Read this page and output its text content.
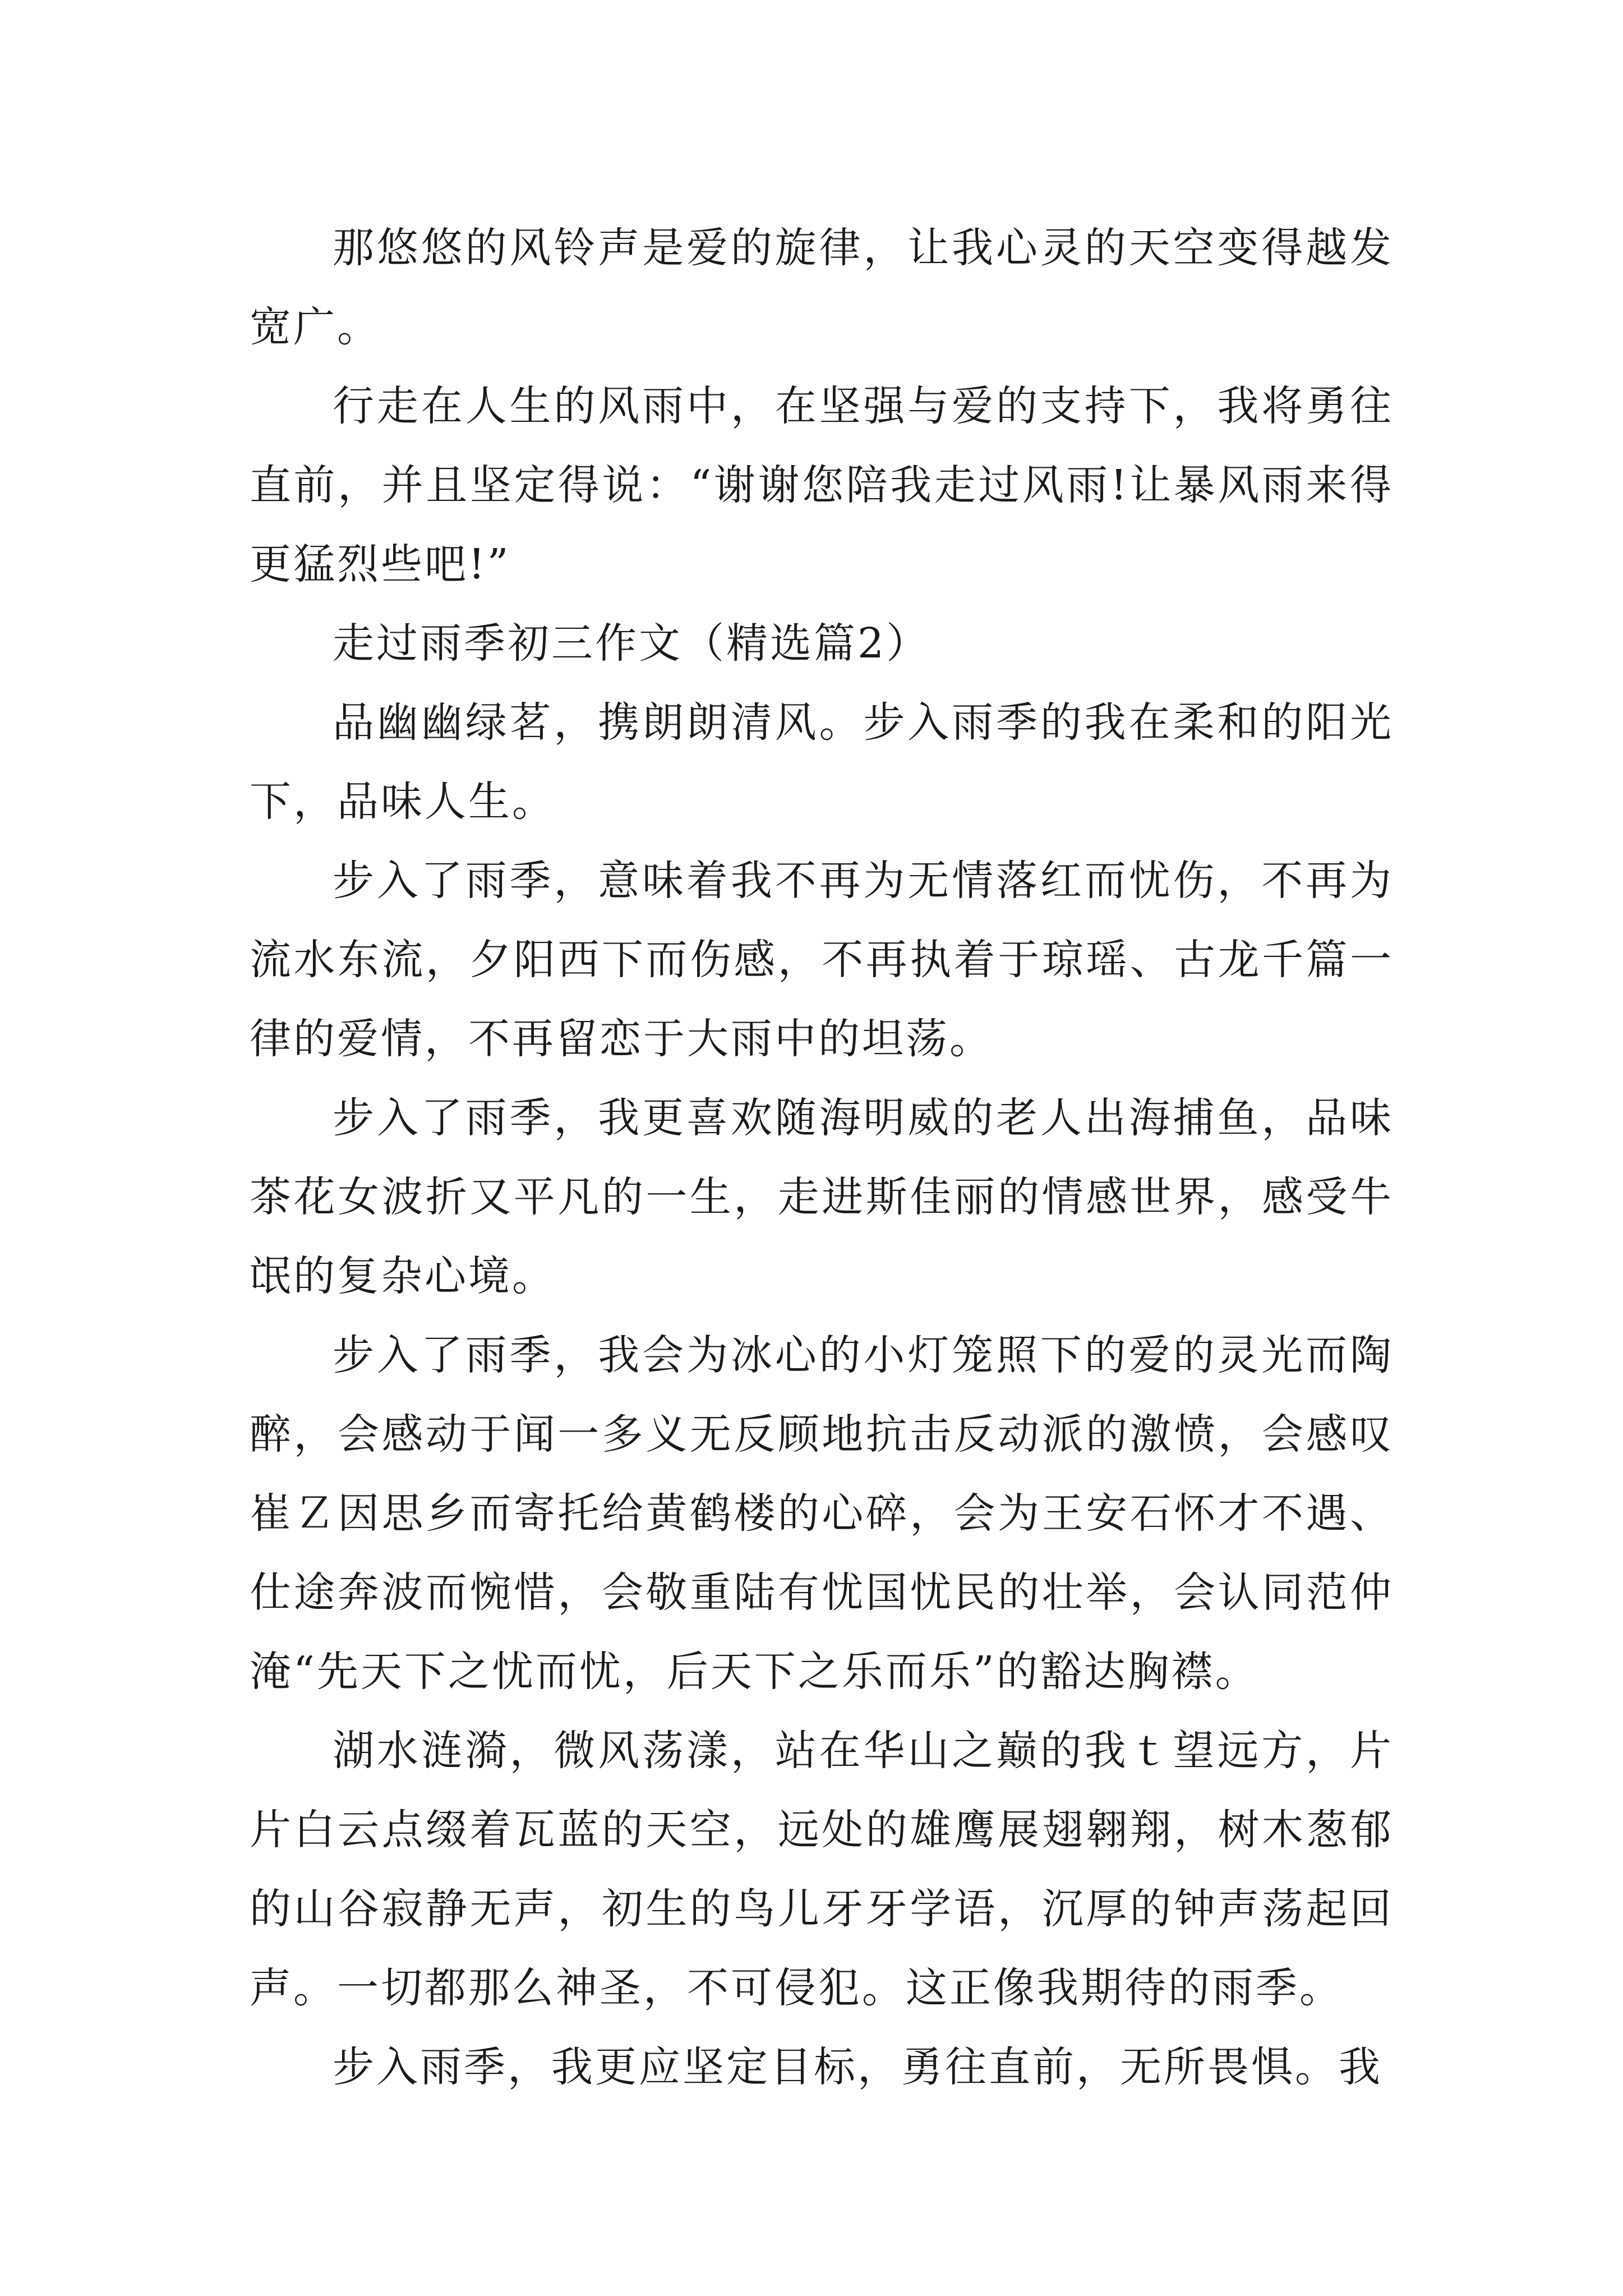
那悠悠的风铃声是爱的旋律，让我心灵的天空变得越发宽广。

行走在人生的风雨中，在坚强与爱的支持下，我将勇往直前，并且坚定得说：“谢谢您陪我走过风雨!让暴风雨来得更猛烈些吧!”

走过雨季初三作文（精选篇2）

品幽幽绿茗，携朗朗清风。步入雨季的我在柔和的阳光下，品味人生。

步入了雨季，意味着我不再为无情落红而忧伤，不再为流水东流，夕阳西下而伤感，不再执着于琼瑶、古龙千篇一律的爱情，不再留恋于大雨中的坦荡。

步入了雨季，我更喜欢随海明威的老人出海捕鱼，品味茶花女波折又平凡的一生，走进斯佳丽的情感世界，感受牛氓的复杂心境。

步入了雨季，我会为冰心的小灯笼照下的爱的灵光而陶醉，会感动于闻一多义无反顾地抗击反动派的激愤，会感叹崔Ｚ因思乡而寄托给黄鹤楼的心碎，会为王安石怀才不遇、仕途奔波而惋惜，会敬重陆有忧国忧民的壮举，会认同范仲淹“先天下之忧而忧，后天下之乐而乐”的豁达胸襟。

湖水涟漪，微风荡漾，站在华山之巅的我ｔ望远方，片片白云点缀着瓦蓝的天空，远处的雄鹰展翅翱翔，树木葱郁的山谷寂静无声，初生的鸟儿牙牙学语，沉厚的钟声荡起回声。一切都那么神圣，不可侵犯。这正像我期待的雨季。

步入雨季，我更应坚定目标，勇往直前，无所畏惧。我
